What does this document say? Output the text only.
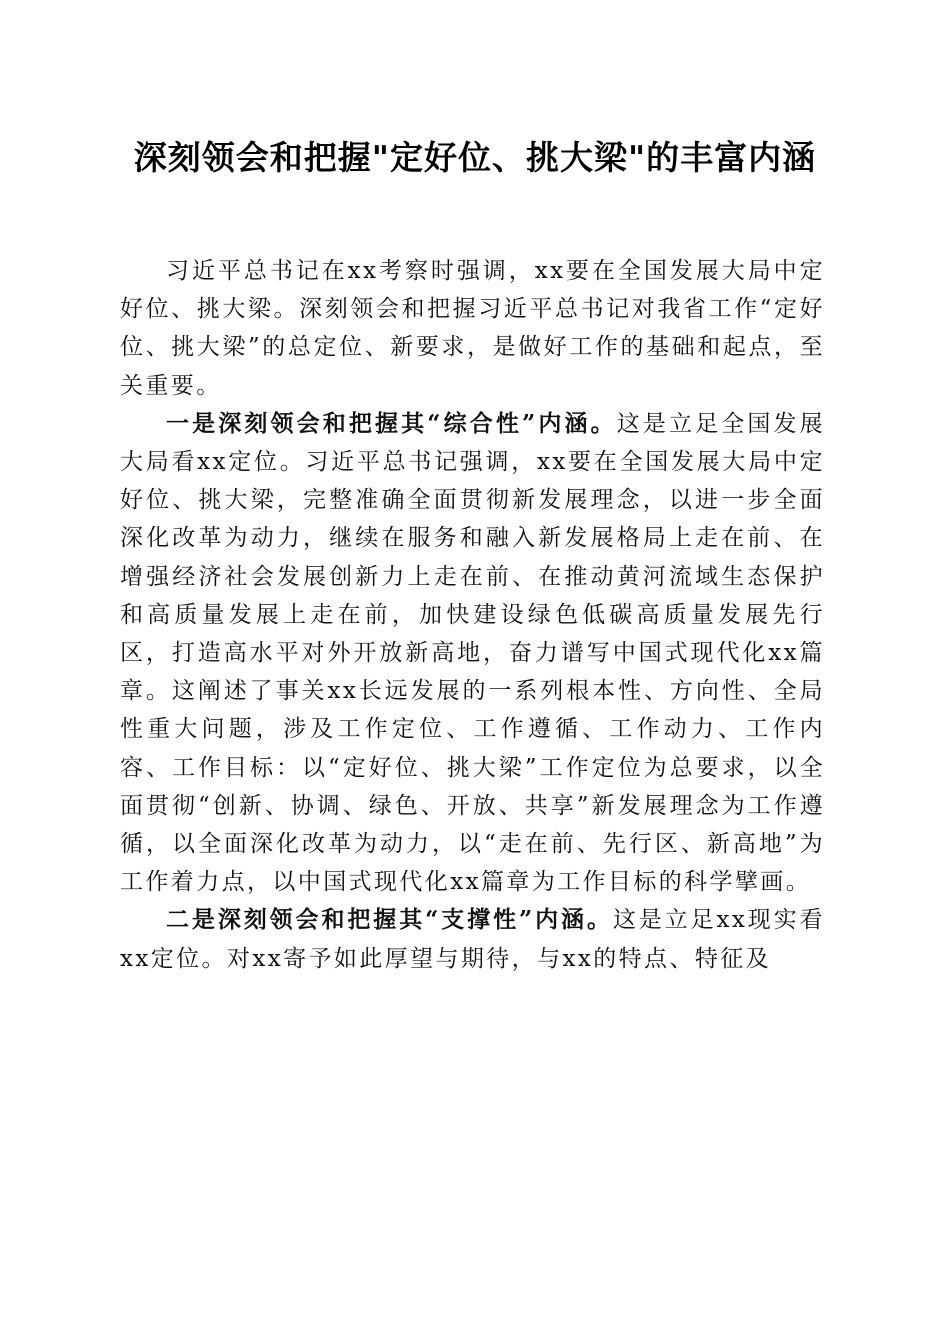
深刻领会和把握"定好位、挑大梁"的丰富内涵

习近平总书记在xx考察时强调，xx要在全国发展大局中定好位、挑大梁。深刻领会和把握习近平总书记对我省工作“定好位、挑大梁”的总定位、新要求，是做好工作的基础和起点，至关重要。

一是深刻领会和把握其“综合性”内涵。这是立足全国发展大局看xx定位。习近平总书记强调，xx要在全国发展大局中定好位、挑大梁，完整准确全面贯彻新发展理念，以进一步全面深化改革为动力，继续在服务和融入新发展格局上走在前、在增强经济社会发展创新力上走在前、在推动黄河流域生态保护和高质量发展上走在前，加快建设绿色低碳高质量发展先行区，打造高水平对外开放新高地，奋力谱写中国式现代化xx篇章。这阐述了事关xx长远发展的一系列根本性、方向性、全局性重大问题，涉及工作定位、工作遵循、工作动力、工作内容、工作目标：以“定好位、挑大梁”工作定位为总要求，以全面贯彻“创新、协调、绿色、开放、共享”新发展理念为工作遵循，以全面深化改革为动力，以“走在前、先行区、新高地”为工作着力点，以中国式现代化xx篇章为工作目标的科学擘画。

二是深刻领会和把握其“支撑性”内涵。这是立足xx现实看xx定位。对xx寄予如此厚望与期待，与xx的特点、特征及
